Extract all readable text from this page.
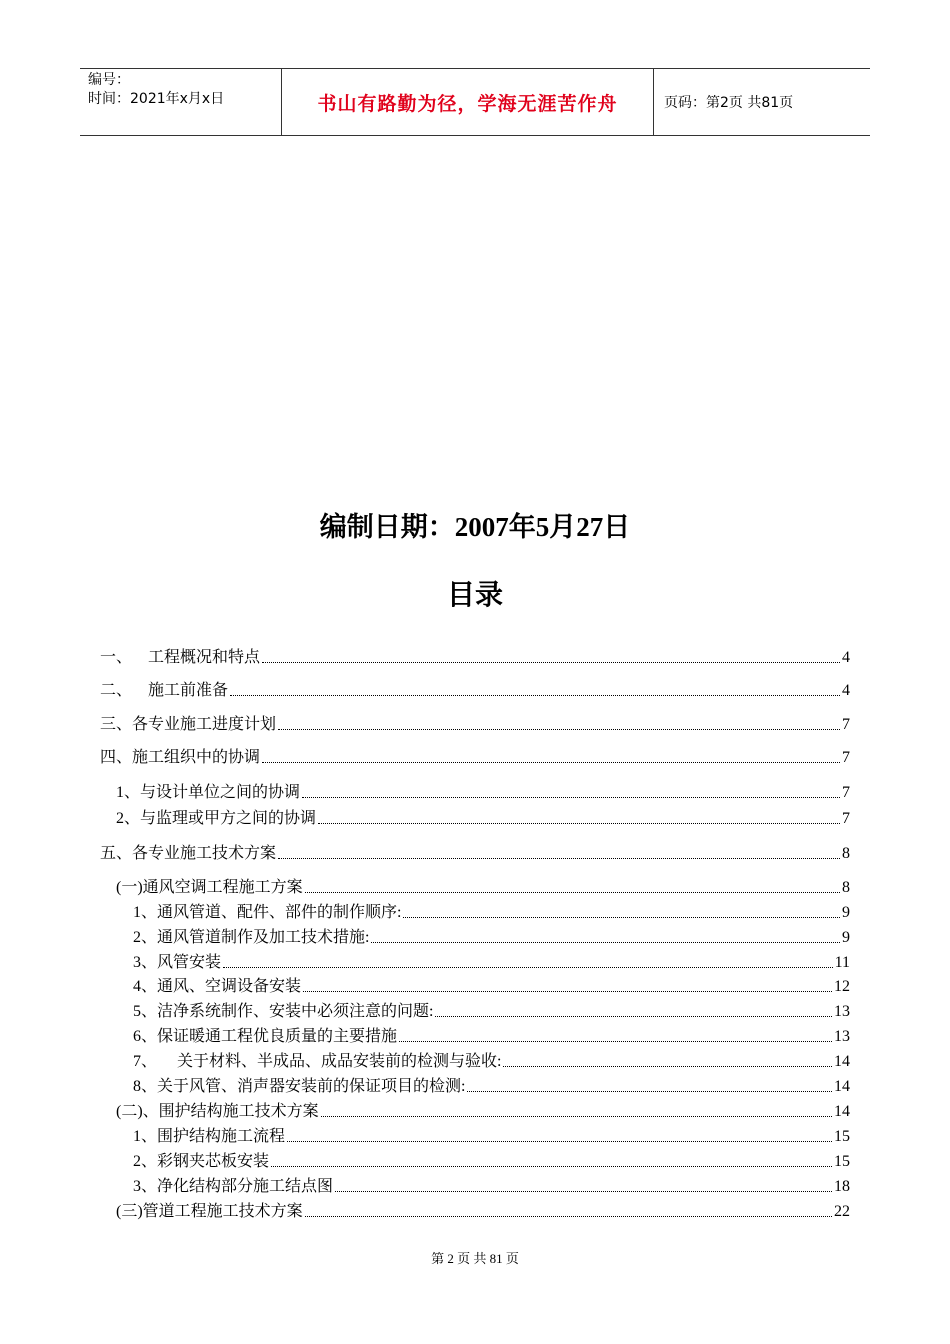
编号：
时间：2021年x月x日	书山有路勤为径，学海无涯苦作舟	页码：第2页 共81页
编制日期：2007年5月27日
目录
一、    工程概况和特点	4
二、    施工前准备	4
三、各专业施工进度计划	7
四、施工组织中的协调	7
1、与设计单位之间的协调	7
2、与监理或甲方之间的协调	7
五、各专业施工技术方案	8
(一)通风空调工程施工方案	8
1、通风管道、配件、部件的制作顺序:	9
2、通风管道制作及加工技术措施:	9
3、风管安装	11
4、通风、空调设备安装	12
5、洁净系统制作、安装中必须注意的问题:	13
6、保证暖通工程优良质量的主要措施	13
7、     关于材料、半成品、成品安装前的检测与验收:	14
8、关于风管、消声器安装前的保证项目的检测:	14
(二)、围护结构施工技术方案	14
1、围护结构施工流程	15
2、彩钢夹芯板安装	15
3、净化结构部分施工结点图	18
(三)管道工程施工技术方案	22
第 2 页 共 81 页
